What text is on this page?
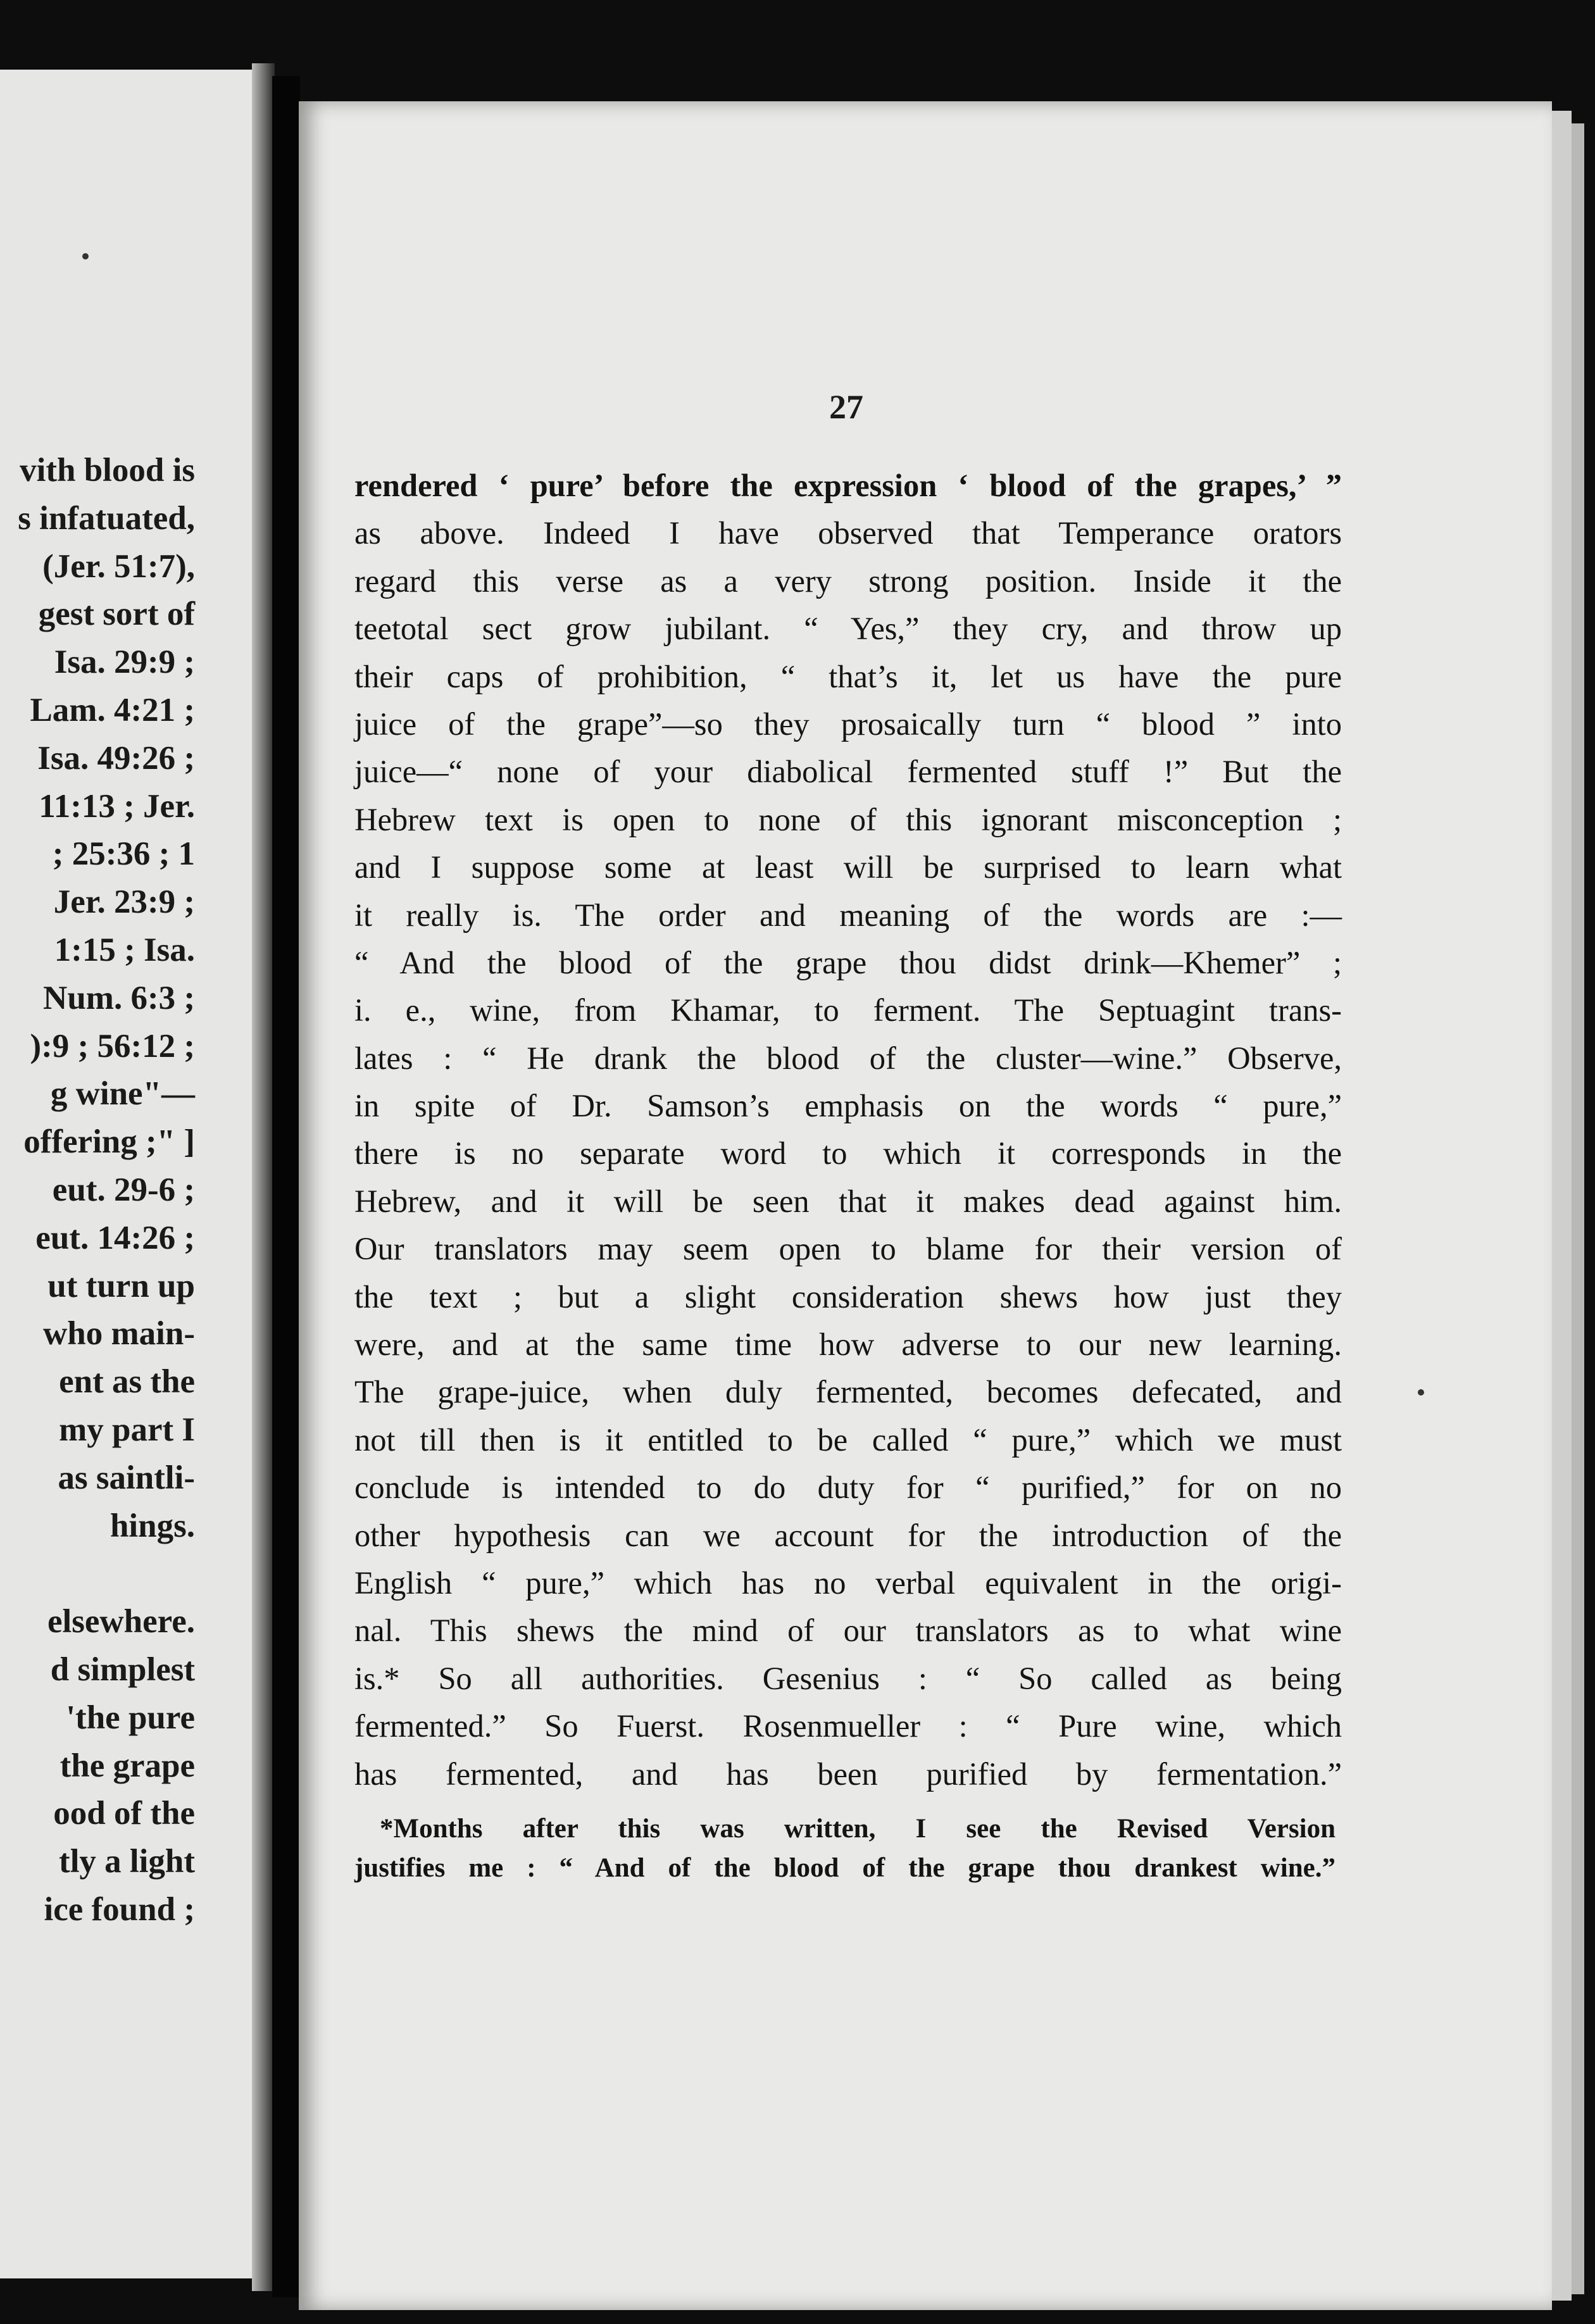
vith blood is
s infatuated,
(Jer. 51:7),
gest sort of
Isa. 29:9 ;
Lam. 4:21 ;
Isa. 49:26 ;
11:13 ; Jer.
; 25:36 ; 1
Jer. 23:9 ;
1:15 ; Isa.
Num. 6:3 ;
):9 ; 56:12 ;
g wine"—
offering ;" ]
eut. 29-6 ;
eut. 14:26 ;
ut turn up
who main-
ent as the
my part I
as saintli-
hings.
elsewhere.
d simplest
'the pure
the grape
ood of the
tly a light
ice found ;
27
rendered ‘ pure’ before the expression ‘ blood of the grapes,’ ”
as above. Indeed I have observed that Temperance orators
regard this verse as a very strong position. Inside it the
teetotal sect grow jubilant. “ Yes,” they cry, and throw up
their caps of prohibition, “ that’s it, let us have the pure
juice of the grape”—so they prosaically turn “ blood ” into
juice—“ none of your diabolical fermented stuff !” But the
Hebrew text is open to none of this ignorant misconception ;
and I suppose some at least will be surprised to learn what
it really is. The order and meaning of the words are :—
“ And the blood of the grape thou didst drink—Khemer” ;
i. e., wine, from Khamar, to ferment. The Septuagint trans-
lates : “ He drank the blood of the cluster—wine.” Observe,
in spite of Dr. Samson’s emphasis on the words “ pure,”
there is no separate word to which it corresponds in the
Hebrew, and it will be seen that it makes dead against him.
Our translators may seem open to blame for their version of
the text ; but a slight consideration shews how just they
were, and at the same time how adverse to our new learning.
The grape-juice, when duly fermented, becomes defecated, and
not till then is it entitled to be called “ pure,” which we must
conclude is intended to do duty for “ purified,” for on no
other hypothesis can we account for the introduction of the
English “ pure,” which has no verbal equivalent in the origi-
nal. This shews the mind of our translators as to what wine
is.* So all authorities. Gesenius : “ So called as being
fermented.” So Fuerst. Rosenmueller : “ Pure wine, which
has fermented, and has been purified by fermentation.”
*Months after this was written, I see the Revised Version
justifies me : “ And of the blood of the grape thou drankest wine.”
